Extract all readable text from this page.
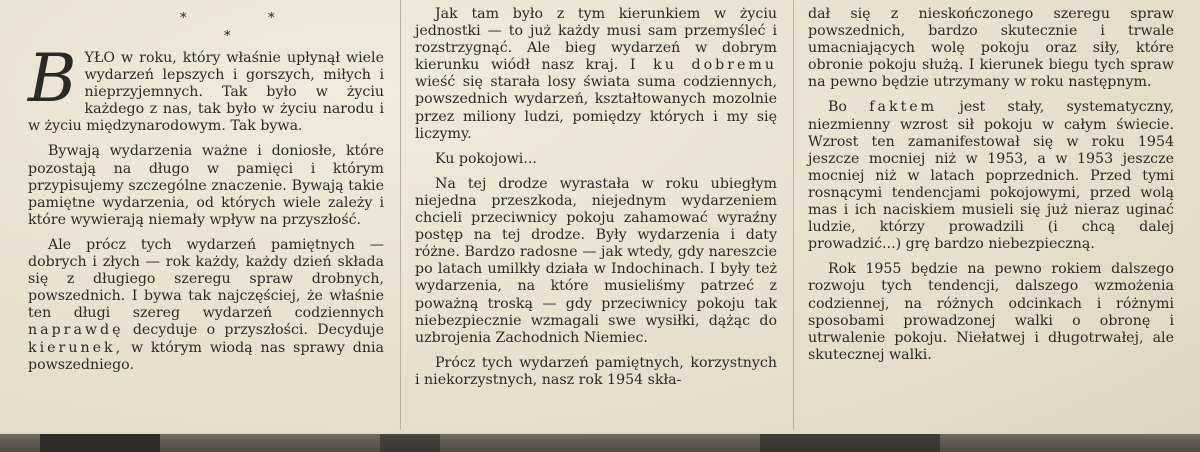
*	*
*

BYŁO w roku, który właśnie upłynął wiele wydarzeń lepszych i gorszych, miłych i nieprzyjemnych. Tak było w życiu każdego z nas, tak było w życiu narodu i w życiu międzynarodowym. Tak bywa.

Bywają wydarzenia ważne i doniosłe, które pozostają na długo w pamięci i którym przypisujemy szczególne znaczenie. Bywają takie pamiętne wydarzenia, od których wiele zależy i które wywierają niemały wpływ na przyszłość.

Ale prócz tych wydarzeń pamiętnych — dobrych i złych — rok każdy, każdy dzień składa się z długiego szeregu spraw drobnych, powszednich. I bywa tak najczęściej, że właśnie ten długi szereg wydarzeń codziennych naprawdę decyduje o przyszłości. Decyduje kierunek, w którym wiodą nas sprawy dnia powszedniego.

Jak tam było z tym kierunkiem w życiu jednostki — to już każdy musi sam przemyśleć i rozstrzygnąć. Ale bieg wydarzeń w dobrym kierunku wiódł nasz kraj. I ku dobremu wieść się starała losy świata suma codziennych, powszednich wydarzeń, kształtowanych mozolnie przez miliony ludzi, pomiędzy których i my się liczymy.

Ku pokojowi...

Na tej drodze wyrastała w roku ubiegłym niejedna przeszkoda, niejednym wydarzeniem chcieli przeciwnicy pokoju zahamować wyraźny postęp na tej drodze. Były wydarzenia i daty różne. Bardzo radosne — jak wtedy, gdy nareszcie po latach umilkły działa w Indochinach. I były też wydarzenia, na które musieliśmy patrzeć z poważną troską — gdy przeciwnicy pokoju tak niebezpiecznie wzmagali swe wysiłki, dążąc do uzbrojenia Zachodnich Niemiec.

Prócz tych wydarzeń pamiętnych, korzystnych i niekorzystnych, nasz rok 1954 skła-

dał się z nieskończonego szeregu spraw powszednich, bardzo skutecznie i trwale umacniających wolę pokoju oraz siły, które obronie pokoju służą. I kierunek biegu tych spraw na pewno będzie utrzymany w roku następnym.

Bo faktem jest stały, systematyczny, niezmienny wzrost sił pokoju w całym świecie. Wzrost ten zamanifestował się w roku 1954 jeszcze mocniej niż w 1953, a w 1953 jeszcze mocniej niż w latach poprzednich. Przed tymi rosnącymi tendencjami pokojowymi, przed wolą mas i ich naciskiem musieli się już nieraz uginać ludzie, którzy prowadzili (i chcą dalej prowadzić...) grę bardzo niebezpieczną.

Rok 1955 będzie na pewno rokiem dalszego rozwoju tych tendencji, dalszego wzmożenia codziennej, na różnych odcinkach i różnymi sposobami prowadzonej walki o obronę i utrwalenie pokoju. Niełatwej i długotrwałej, ale skutecznej walki.
